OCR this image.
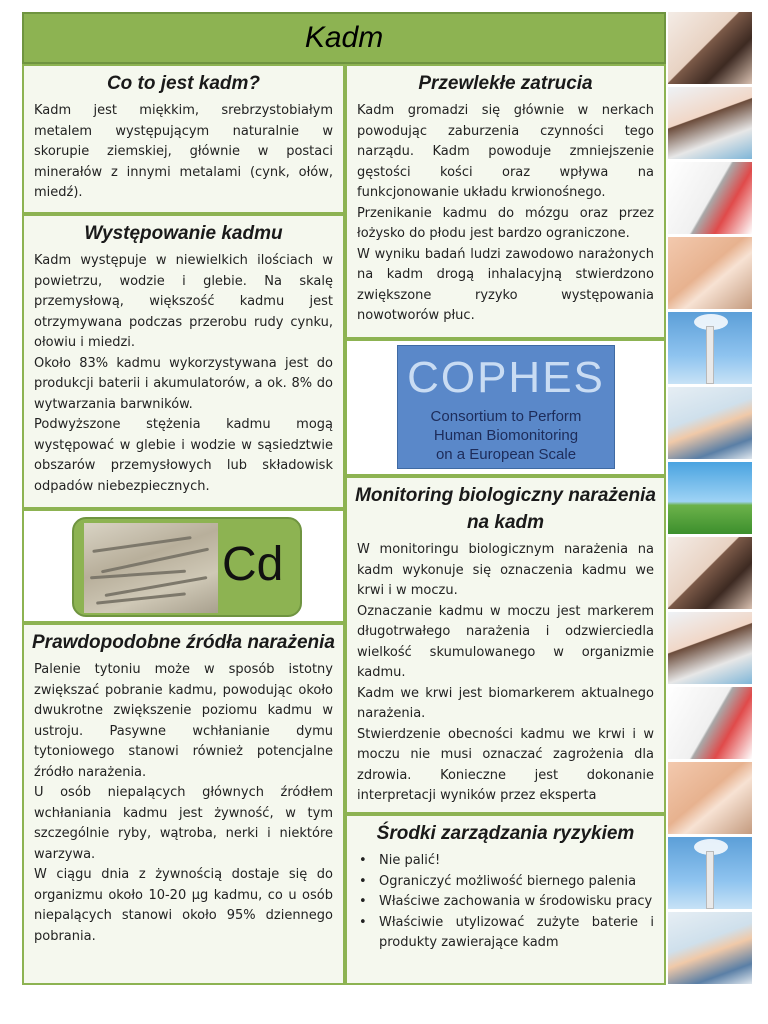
Kadm
Co to jest kadm?

Kadm jest miękkim, srebrzystobiałym metalem występującym naturalnie w skorupie ziemskiej, głównie w postaci minerałów z innymi metalami (cynk, ołów, miedź).

Występowanie kadmu

Kadm występuje w niewielkich ilościach w powietrzu, wodzie i glebie. Na skalę przemysłową, większość kadmu jest otrzymywana podczas przerobu rudy cynku, ołowiu i miedzi.

Około 83% kadmu wykorzystywana jest do produkcji baterii i akumulatorów, a ok. 8% do wytwarzania barwników.

Podwyższone stężenia kadmu mogą występować w glebie i wodzie w sąsiedztwie obszarów przemysłowych lub składowisk odpadów niebezpiecznych.

Cd
Prawdopodobne źródła narażenia

Palenie tytoniu może w sposób istotny zwiększać pobranie kadmu, powodując około dwukrotne zwiększenie poziomu kadmu w ustroju. Pasywne wchłanianie dymu tytoniowego stanowi również potencjalne źródło narażenia.

U osób niepalących głównych źródłem wchłaniania kadmu jest żywność, w tym szczególnie ryby, wątroba, nerki i niektóre warzywa.

W ciągu dnia z żywnością dostaje się do organizmu około 10-20 µg kadmu, co u osób niepalących stanowi około 95% dziennego pobrania.

Przewlekłe zatrucia

Kadm gromadzi się głównie w nerkach powodując zaburzenia czynności tego narządu. Kadm powoduje zmniejszenie gęstości kości oraz wpływa na funkcjonowanie układu krwionośnego.

Przenikanie kadmu do mózgu oraz przez łożysko do płodu jest bardzo ograniczone.

W wyniku badań ludzi zawodowo narażonych na kadm drogą inhalacyjną stwierdzono zwiększone ryzyko występowania nowotworów płuc.

COPHES
Consortium to Perform
Human Biomonitoring
on a European Scale
Monitoring biologiczny narażenia na kadm

W monitoringu biologicznym narażenia na kadm wykonuje się oznaczenia kadmu we krwi i w moczu.

Oznaczanie kadmu w moczu jest markerem długotrwałego narażenia i odzwierciedla wielkość skumulowanego w organizmie kadmu.

Kadm we krwi jest biomarkerem aktualnego narażenia.

Stwierdzenie obecności kadmu we krwi i w moczu nie musi oznaczać zagrożenia dla zdrowia. Konieczne jest dokonanie interpretacji wyników przez eksperta

Środki zarządzania ryzykiem
• Nie palić!
• Ograniczyć możliwość biernego palenia
• Właściwe zachowania w środowisku pracy
• Właściwie utylizować zużyte baterie i produkty zawierające kadm
